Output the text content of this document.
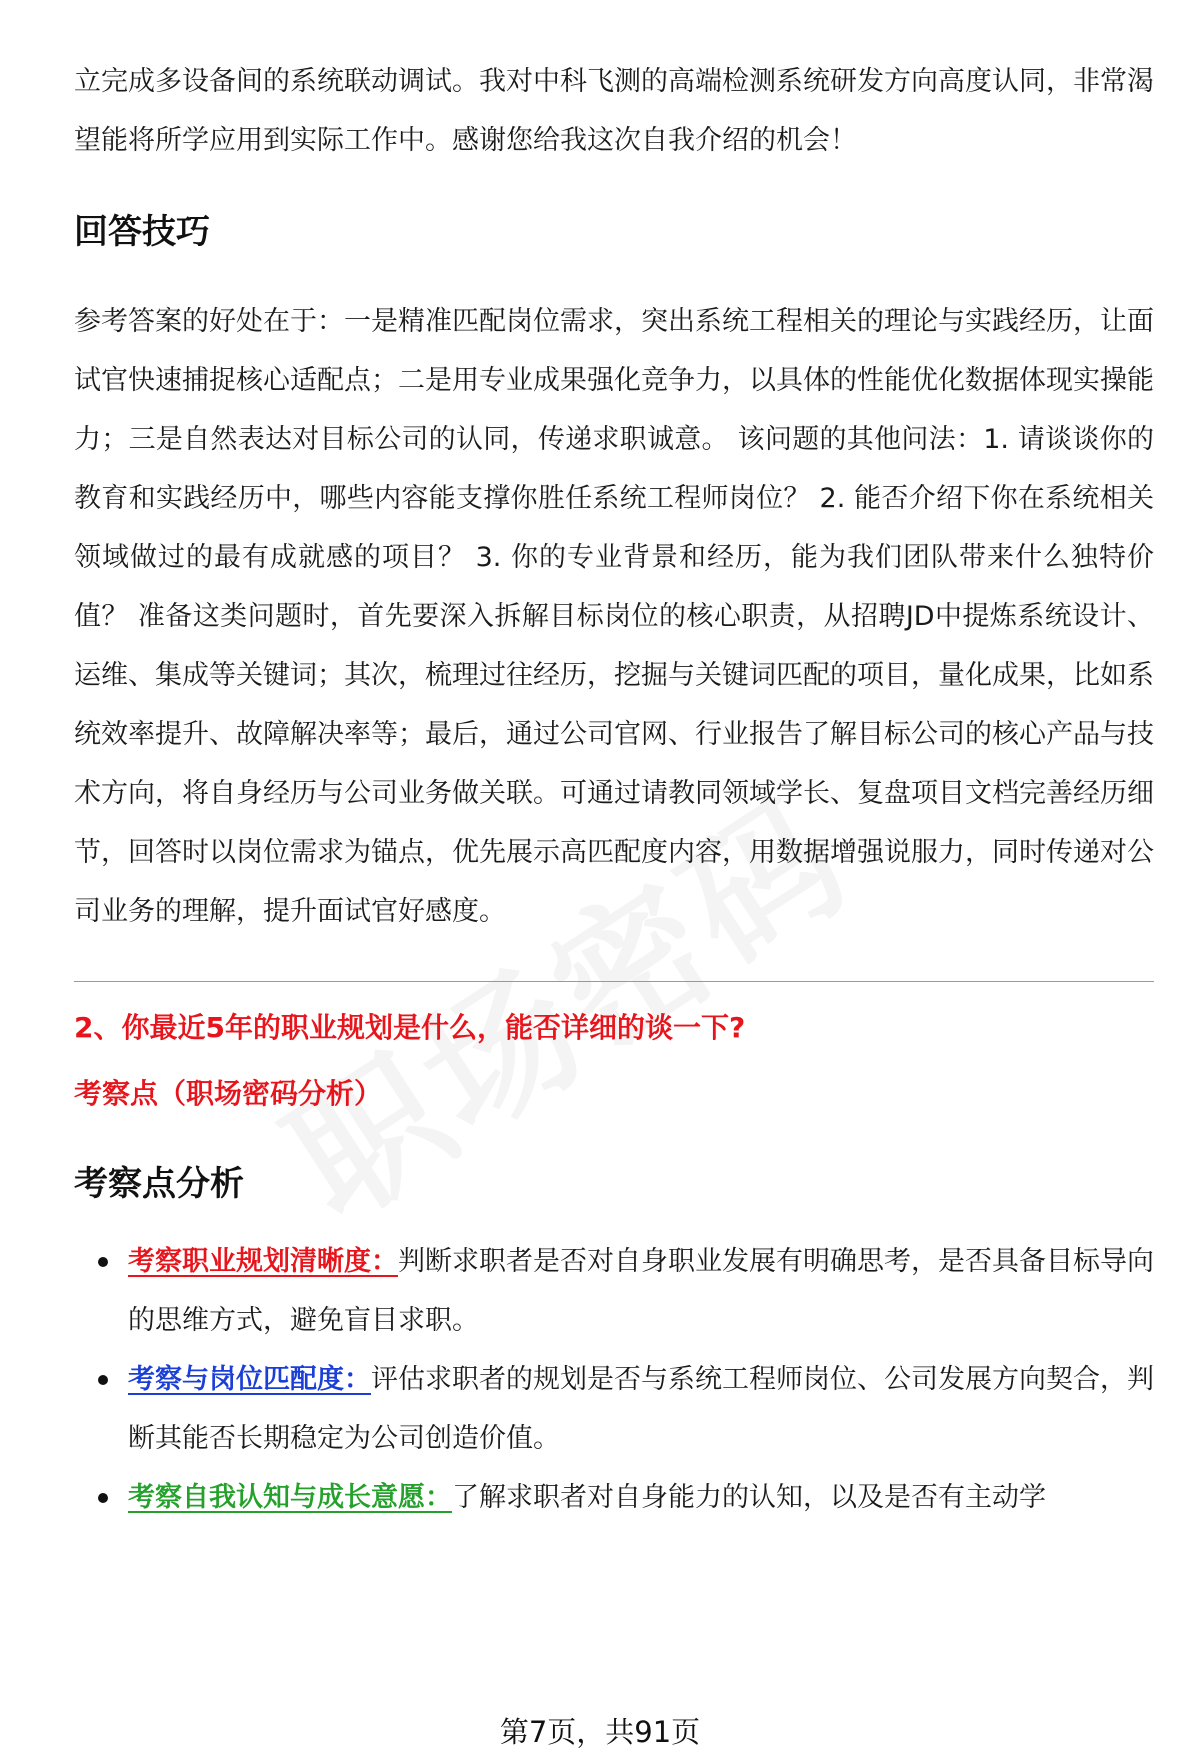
立完成多设备间的系统联动调试。我对中科飞测的高端检测系统研发方向高度认同，非常渴望能将所学应用到实际工作中。感谢您给我这次自我介绍的机会！

回答技巧

参考答案的好处在于：一是精准匹配岗位需求，突出系统工程相关的理论与实践经历，让面试官快速捕捉核心适配点；二是用专业成果强化竞争力，以具体的性能优化数据体现实操能力；三是自然表达对目标公司的认同，传递求职诚意。 该问题的其他问法：1. 请谈谈你的教育和实践经历中，哪些内容能支撑你胜任系统工程师岗位？ 2. 能否介绍下你在系统相关领域做过的最有成就感的项目？ 3. 你的专业背景和经历，能为我们团队带来什么独特价值？ 准备这类问题时，首先要深入拆解目标岗位的核心职责，从招聘JD中提炼系统设计、运维、集成等关键词；其次，梳理过往经历，挖掘与关键词匹配的项目，量化成果，比如系统效率提升、故障解决率等；最后，通过公司官网、行业报告了解目标公司的核心产品与技术方向，将自身经历与公司业务做关联。可通过请教同领域学长、复盘项目文档完善经历细节，回答时以岗位需求为锚点，优先展示高匹配度内容，用数据增强说服力，同时传递对公司业务的理解，提升面试官好感度。

2、你最近5年的职业规划是什么，能否详细的谈一下?

考察点（职场密码分析）

考察点分析
考察职业规划清晰度：判断求职者是否对自身职业发展有明确思考，是否具备目标导向的思维方式，避免盲目求职。
考察与岗位匹配度：评估求职者的规划是否与系统工程师岗位、公司发展方向契合，判断其能否长期稳定为公司创造价值。
考察自我认知与成长意愿：了解求职者对自身能力的认知，以及是否有主动学
第7页，共91页
